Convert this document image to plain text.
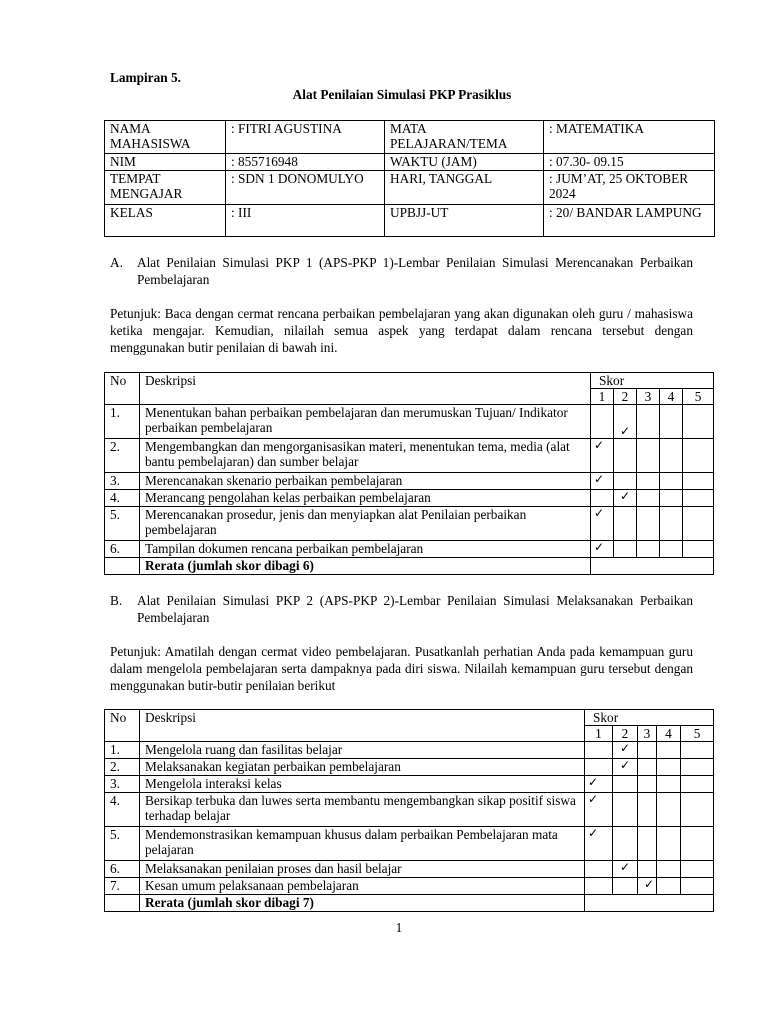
Lampiran 5.
Alat Penilaian Simulasi PKP Prasiklus
NAMA MAHASISWA	: FITRI AGUSTINA	MATA PELAJARAN/TEMA	: MATEMATIKA
NIM	: 855716948	WAKTU (JAM)	: 07.30- 09.15
TEMPAT MENGAJAR	: SDN 1 DONOMULYO	HARI, TANGGAL	: JUM’AT, 25 OKTOBER 2024
KELAS	: III	UPBJJ-UT	: 20/ BANDAR LAMPUNG
A. Alat Penilaian Simulasi PKP 1 (APS-PKP 1)-Lembar Penilaian Simulasi Merencanakan Perbaikan Pembelajaran
Petunjuk: Baca dengan cermat rencana perbaikan pembelajaran yang akan digunakan oleh guru / mahasiswa ketika mengajar. Kemudian, nilailah semua aspek yang terdapat dalam rencana tersebut dengan menggunakan butir penilaian di bawah ini.
No	Deskripsi	Skor				
		1	2	3	4	5
1.	Menentukan bahan perbaikan pembelajaran dan merumuskan Tujuan/ Indikator perbaikan pembelajaran		✓			

2.	Mengembangkan dan mengorganisasikan materi, menentukan tema, media (alat bantu pembelajaran) dan sumber belajar	✓				

3.	Merencanakan skenario perbaikan pembelajaran	✓				

4.	Merancang pengolahan kelas perbaikan pembelajaran		✓			

5.	Merencanakan prosedur, jenis dan menyiapkan alat Penilaian perbaikan pembelajaran	✓				

6.	Tampilan dokumen rencana perbaikan pembelajaran	✓				

	Rerata (jumlah skor dibagi 6)					
B. Alat Penilaian Simulasi PKP 2 (APS-PKP 2)-Lembar Penilaian Simulasi Melaksanakan Perbaikan Pembelajaran
Petunjuk: Amatilah dengan cermat video pembelajaran. Pusatkanlah perhatian Anda pada kemampuan guru dalam mengelola pembelajaran serta dampaknya pada diri siswa. Nilailah kemampuan guru tersebut dengan menggunakan butir-butir penilaian berikut
No	Deskripsi	Skor				
		1	2	3	4	5
1.	Mengelola ruang dan fasilitas belajar		✓			

2.	Melaksanakan kegiatan perbaikan pembelajaran		✓			

3.	Mengelola interaksi kelas	✓				

4.	Bersikap terbuka dan luwes serta membantu mengembangkan sikap positif siswa terhadap belajar	✓				

5.	Mendemonstrasikan kemampuan khusus dalam perbaikan Pembelajaran mata pelajaran	✓				

6.	Melaksanakan penilaian proses dan hasil belajar		✓			

7.	Kesan umum pelaksanaan pembelajaran			✓		

	Rerata (jumlah skor dibagi 7)					
1
